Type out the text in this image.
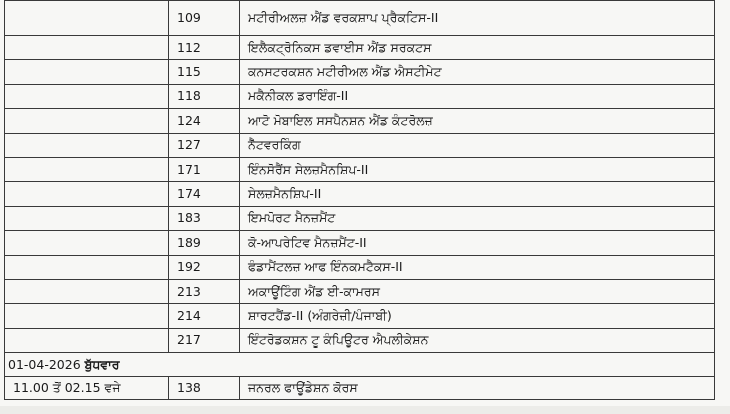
	109	ਮਟੀਰੀਅਲਜ਼ ਐਂਡ ਵਰਕਸ਼ਾਪ ਪ੍ਰੈਕਟਿਸ-II
	112	ਇਲੈਕਟ੍ਰੋਨਿਕਸ ਡਵਾਈਸ ਐਂਡ ਸਰਕਟਸ
	115	ਕਨਸਟਰਕਸ਼ਨ ਮਟੀਰੀਅਲ ਐਂਡ ਐਸਟੀਮੇਟ
	118	ਮਕੈਨੀਕਲ ਡਰਾਇੰਗ-II
	124	ਆਟੋ ਮੋਬਾਇਲ ਸਸਪੈਨਸ਼ਨ ਐਂਡ ਕੰਟਰੋਲਜ਼
	127	ਨੈੱਟਵਰਕਿੰਗ
	171	ਇੰਨਸੋਰੈਂਸ ਸੇਲਜ਼ਮੈਨਸ਼ਿਪ-II
	174	ਸੇਲਜ਼ਮੈਨਸ਼ਿਪ-II
	183	ਇਮਪੋਰਟ ਮੈਨਜ਼ਮੈਂਟ
	189	ਕੋ-ਆਪਰੇਟਿਵ ਮੈਨਜ਼ਮੈਂਟ-II
	192	ਫੰਡਾਮੈਂਟਲਜ਼ ਆਫ ਇੰਨਕਮਟੈਕਸ-II
	213	ਅਕਾਊਂਟਿੰਗ ਐਂਡ ਈ-ਕਾਮਰਸ
	214	ਸ਼ਾਰਟਹੈਂਡ-II (ਅੰਗਰੇਜ਼ੀ/ਪੰਜਾਬੀ)
	217	ਇੰਟਰੋਡਕਸ਼ਨ ਟੂ ਕੰਪਿਊਟਰ ਐਪਲੀਕੇਸ਼ਨ
01-04-2026 ਬੁੱਧਵਾਰ		
11.00 ਤੋਂ 02.15 ਵਜੇ	138	ਜਨਰਲ ਫਾਊਂਡੇਸ਼ਨ ਕੋਰਸ
